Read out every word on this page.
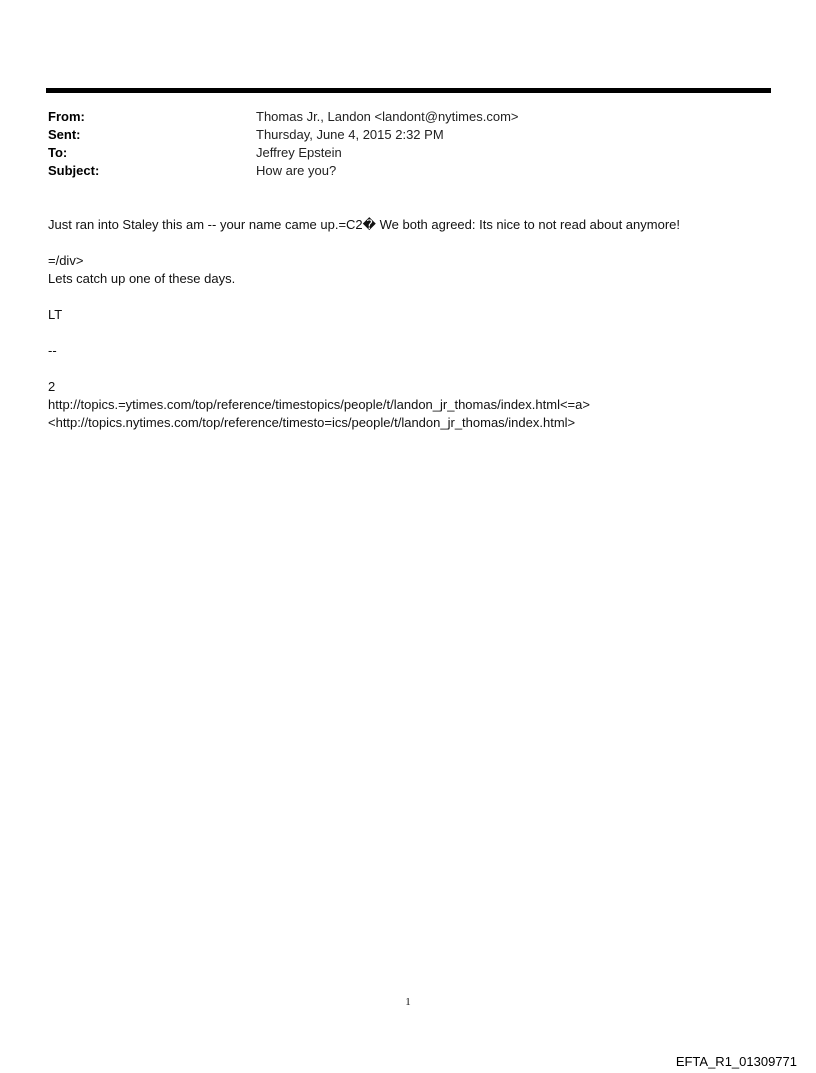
From:	Thomas Jr., Landon <landont@nytimes.com>
Sent:	Thursday, June 4, 2015 2:32 PM
To:	Jeffrey Epstein
Subject:	How are you?
Just ran into Staley this am -- your name came up.=C2� We both agreed: Its nice to not read about anymore!
=/div>
Lets catch up one of these days.
LT
--
2
http://topics.=ytimes.com/top/reference/timestopics/people/t/landon_jr_thomas/index.html<=a>
<http://topics.nytimes.com/top/reference/timesto=ics/people/t/landon_jr_thomas/index.html>
1
EFTA_R1_01309771
